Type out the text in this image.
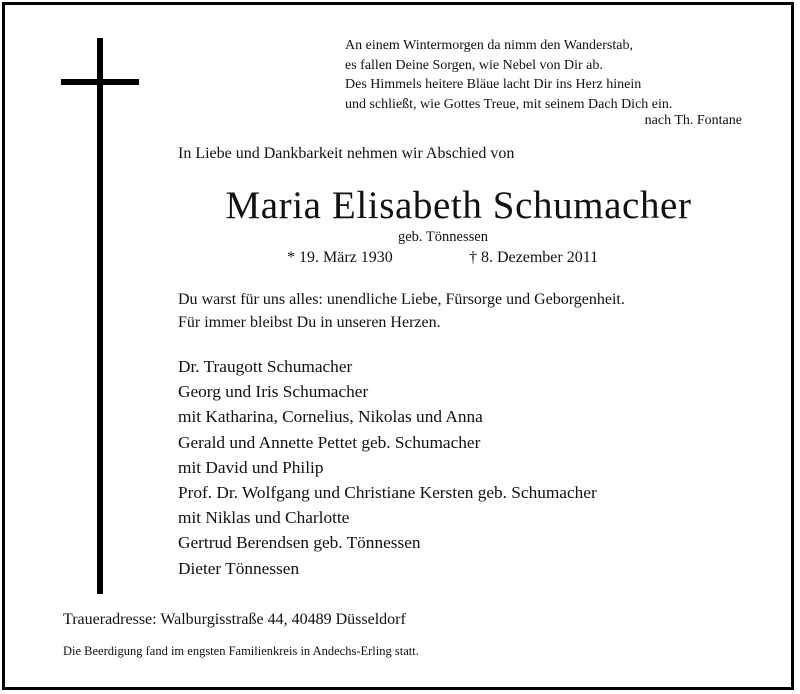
An einem Wintermorgen da nimm den Wanderstab,
es fallen Deine Sorgen, wie Nebel von Dir ab.
Des Himmels heitere Bläue lacht Dir ins Herz hinein
und schließt, wie Gottes Treue, mit seinem Dach Dich ein.
nach Th. Fontane
In Liebe und Dankbarkeit nehmen wir Abschied von
Maria Elisabeth Schumacher
geb. Tönnessen
* 19. März 1930	† 8. Dezember 2011
Du warst für uns alles: unendliche Liebe, Fürsorge und Geborgenheit.
Für immer bleibst Du in unseren Herzen.
Dr. Traugott Schumacher
Georg und Iris Schumacher
mit Katharina, Cornelius, Nikolas und Anna
Gerald und Annette Pettet geb. Schumacher
mit David und Philip
Prof. Dr. Wolfgang und Christiane Kersten geb. Schumacher
mit Niklas und Charlotte
Gertrud Berendsen geb. Tönnessen
Dieter Tönnessen
Traueradresse: Walburgisstraße 44, 40489 Düsseldorf
Die Beerdigung fand im engsten Familienkreis in Andechs-Erling statt.
